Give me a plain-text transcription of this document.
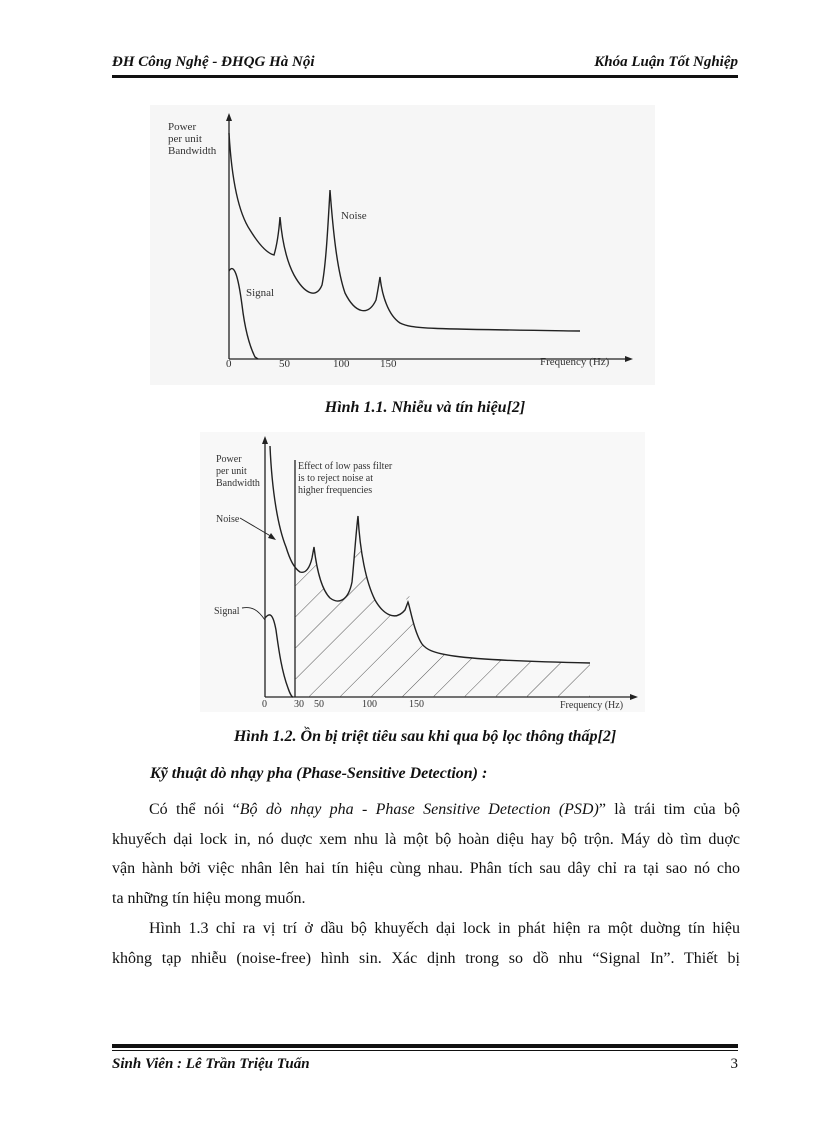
ĐH Công Nghệ - ĐHQG Hà Nội	Khóa Luận Tốt Nghiệp
Power
per unit
Bandwidth
Noise
Signal
0	50	100	150	Frequency (Hz)
Hình 1.1. Nhiễu và tín hiệu[2]
Power
per unit
Bandwidth
Effect of low pass filter
is to reject noise at
higher frequencies
Noise
Signal
0	30 50	100	150	Frequency (Hz)
Hình 1.2. Ồn bị triệt tiêu sau khi qua bộ lọc thông thấp[2]
Kỹ thuật dò nhạy pha (Phase-Sensitive Detection) :
Có thể nói “Bộ dò nhạy pha - Phase Sensitive Detection (PSD)” là trái tim của bộ
khuyếch dại lock in, nó duợc xem nhu là một bộ hoàn diệu hay bộ trộn. Máy dò tìm duợc
vận hành bởi việc nhân lên hai tín hiệu cùng nhau. Phân tích sau dây chỉ ra tại sao nó cho
ta những tín hiệu mong muốn.
Hình 1.3 chỉ ra vị trí ở dầu bộ khuyếch dại lock in phát hiện ra một duờng tín hiệu
không tạp nhiễu (noise-free) hình sin. Xác dịnh trong so dồ nhu “Signal In”. Thiết bị
Sinh Viên : Lê Trần Triệu Tuấn	3
